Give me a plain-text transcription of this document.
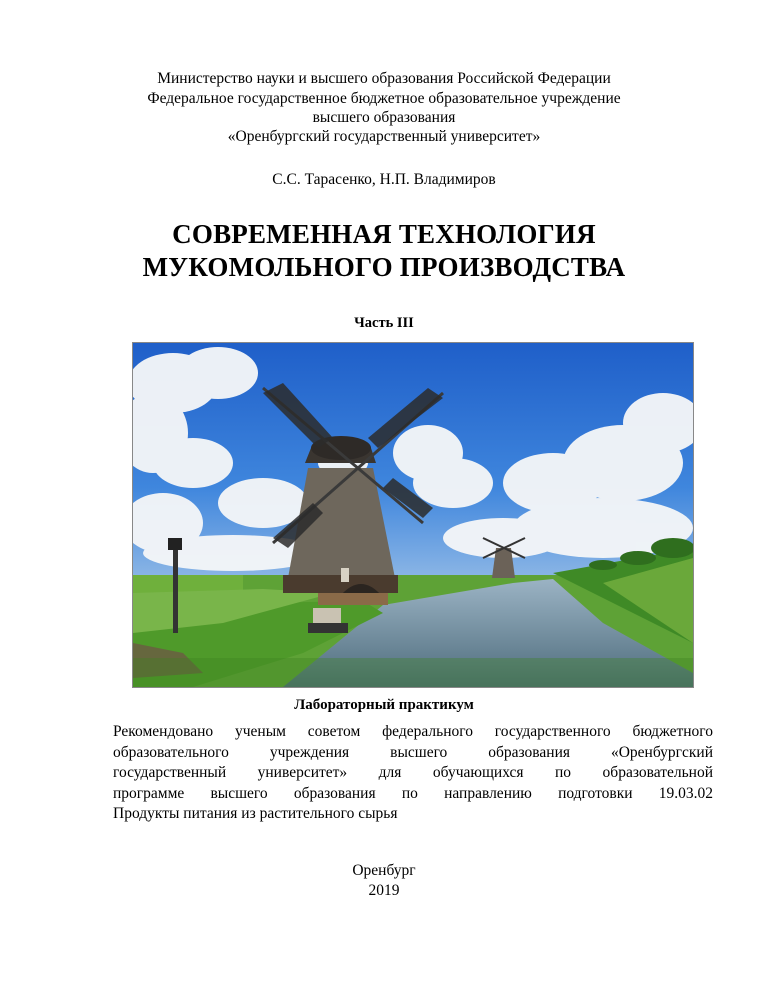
Министерство науки и высшего образования Российской Федерации
Федеральное государственное бюджетное образовательное учреждение
высшего образования
«Оренбургский государственный университет»
С.С. Тарасенко, Н.П. Владимиров
СОВРЕМЕННАЯ ТЕХНОЛОГИЯ
МУКОМОЛЬНОГО ПРОИЗВОДСТВА
Часть III
Лабораторный практикум
Рекомендовано ученым советом федерального государственного бюджетного
образовательного учреждения высшего образования «Оренбургский
государственный университет» для обучающихся по образовательной
программе высшего образования по направлению подготовки 19.03.02
Продукты питания из растительного сырья
Оренбург
2019
